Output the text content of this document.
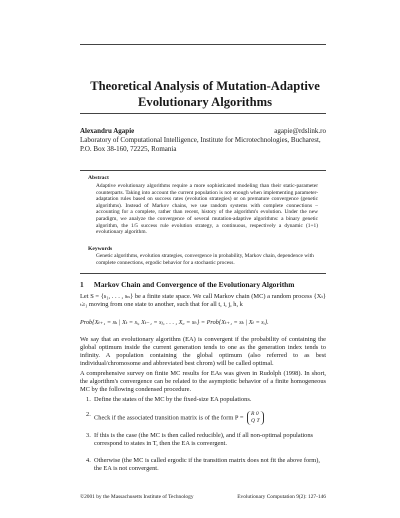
Theoretical Analysis of Mutation-Adaptive
Evolutionary Algorithms
Alexandru Agapie	agapie@rdslink.ro
Laboratory of Computational Intelligence, Institute for Microtechnologies, Bucharest,
P.O. Box 38-160, 72225, Romania
Abstract
Adaptive evolutionary algorithms require a more sophisticated modeling than their static-parameter counterparts. Taking into account the current population is not enough when implementing parameter-adaptation rules based on success rates (evolution strategies) or on premature convergence (genetic algorithms). Instead of Markov chains, we use random systems with complete connections – accounting for a complete, rather than recent, history of the algorithm's evolution. Under the new paradigm, we analyze the convergence of several mutation-adaptive algorithms: a binary genetic algorithm, the 1/5 success rule evolution strategy, a continuous, respectively a dynamic (1+1) evolutionary algorithm.
Keywords
Genetic algorithms, evolution strategies, convergence in probability, Markov chain, dependence with complete connections, ergodic behavior for a stochastic process.
1 Markov Chain and Convergence of the Evolutionary Algorithm
Let S = {s₁, . . . , sₙ} be a finite state space. We call Markov chain (MC) a random process {Xₜ}ₜ≥₁ moving from one state to another, such that for all t, i, j, h, k
Prob{Xₜ₊₁ = sₖ | Xₜ = sᵢ, Xₜ₋₁ = sⱼ, . . . , X₀ = sₕ} = Prob{Xₜ₊₁ = sₖ | Xₜ = sᵢ}.
We say that an evolutionary algorithm (EA) is convergent if the probability of containing the global optimum inside the current generation tends to one as the generation index tends to infinity. A population containing the global optimum (also referred to as best individual/chromosome and abbreviated best chrom) will be called optimal.
A comprehensive survey on finite MC results for EAs was given in Rudolph (1998). In short, the algorithm's convergence can be related to the asymptotic behavior of a finite homogeneous MC by the following condensed procedure.
1. Define the states of the MC by the fixed-size EA populations.
2. Check if the associated transition matrix is of the form P =
R 0
Q T
3. If this is the case (the MC is then called reducible), and if all non-optimal populations correspond to states in T, then the EA is convergent.
4. Otherwise (the MC is called ergodic if the transition matrix does not fit the above form), the EA is not convergent.
©2001 by the Massachusetts Institute of Technology	Evolutionary Computation 9(2): 127-146
